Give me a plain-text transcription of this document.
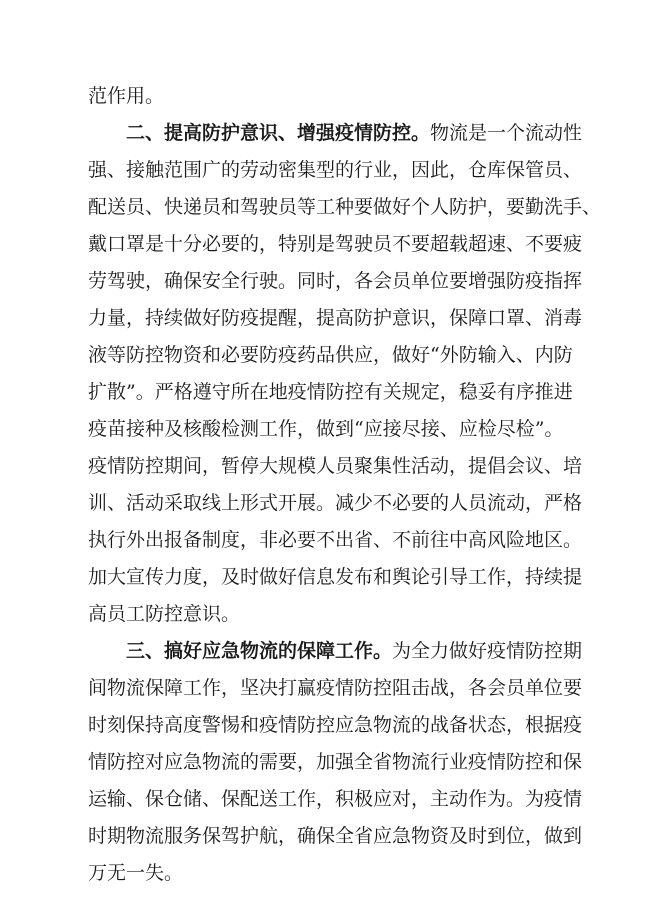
范作用。
二、提高防护意识、增强疫情防控。物流是一个流动性
强、接触范围广的劳动密集型的行业，因此，仓库保管员、
配送员、快递员和驾驶员等工种要做好个人防护，要勤洗手、
戴口罩是十分必要的，特别是驾驶员不要超载超速、不要疲
劳驾驶，确保安全行驶。同时，各会员单位要增强防疫指挥
力量，持续做好防疫提醒，提高防护意识，保障口罩、消毒
液等防控物资和必要防疫药品供应，做好“外防输入、内防
扩散”。严格遵守所在地疫情防控有关规定，稳妥有序推进
疫苗接种及核酸检测工作，做到“应接尽接、应检尽检”。
疫情防控期间，暂停大规模人员聚集性活动，提倡会议、培
训、活动采取线上形式开展。减少不必要的人员流动，严格
执行外出报备制度，非必要不出省、不前往中高风险地区。
加大宣传力度，及时做好信息发布和舆论引导工作，持续提
高员工防控意识。
三、搞好应急物流的保障工作。为全力做好疫情防控期
间物流保障工作，坚决打赢疫情防控阻击战，各会员单位要
时刻保持高度警惕和疫情防控应急物流的战备状态，根据疫
情防控对应急物流的需要，加强全省物流行业疫情防控和保
运输、保仓储、保配送工作，积极应对，主动作为。为疫情
时期物流服务保驾护航，确保全省应急物资及时到位，做到
万无一失。
